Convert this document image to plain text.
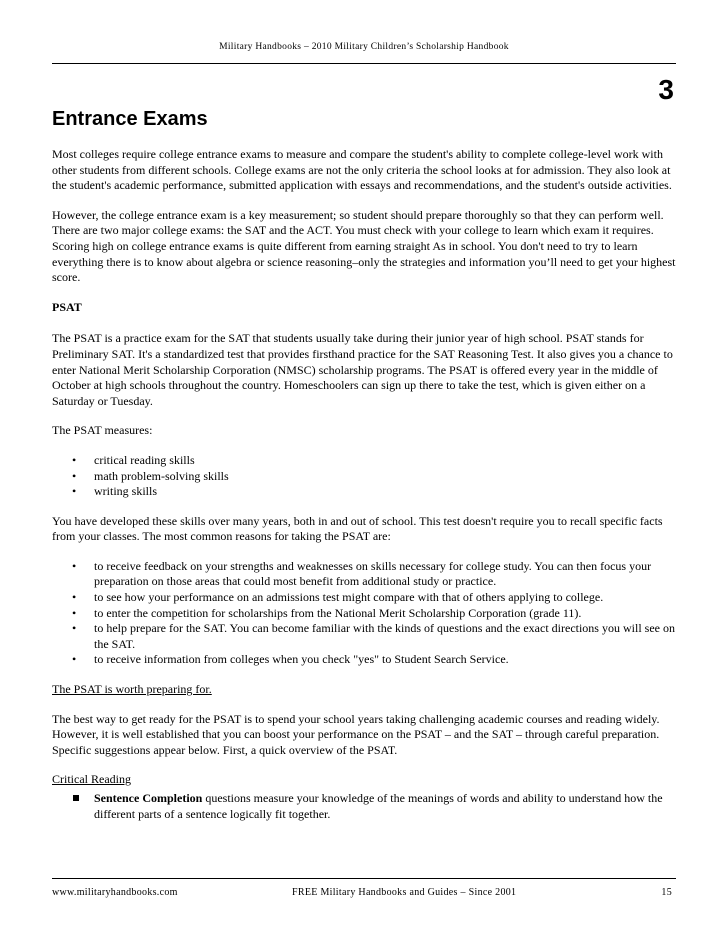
Military Handbooks – 2010 Military Children’s Scholarship Handbook
3
Entrance Exams

Most colleges require college entrance exams to measure and compare the student's ability to complete college-level work with other students from different schools. College exams are not the only criteria the school looks at for admission. They also look at the student's academic performance, submitted application with essays and recommendations, and the student's outside activities.

However, the college entrance exam is a key measurement; so student should prepare thoroughly so that they can perform well. There are two major college exams: the SAT and the ACT. You must check with your college to learn which exam it requires. Scoring high on college entrance exams is quite different from earning straight As in school. You don't need to try to learn everything there is to know about algebra or science reasoning–only the strategies and information you’ll need to get your highest score.

PSAT

The PSAT is a practice exam for the SAT that students usually take during their junior year of high school. PSAT stands for Preliminary SAT. It's a standardized test that provides firsthand practice for the SAT Reasoning Test. It also gives you a chance to enter National Merit Scholarship Corporation (NMSC) scholarship programs. The PSAT is offered every year in the middle of October at high schools throughout the country. Homeschoolers can sign up there to take the test, which is given either on a Saturday or Tuesday.

The PSAT measures:

• critical reading skills
• math problem-solving skills
• writing skills

You have developed these skills over many years, both in and out of school. This test doesn't require you to recall specific facts from your classes. The most common reasons for taking the PSAT are:

• to receive feedback on your strengths and weaknesses on skills necessary for college study. You can then focus your preparation on those areas that could most benefit from additional study or practice.
• to see how your performance on an admissions test might compare with that of others applying to college.
• to enter the competition for scholarships from the National Merit Scholarship Corporation (grade 11).
• to help prepare for the SAT. You can become familiar with the kinds of questions and the exact directions you will see on the SAT.
• to receive information from colleges when you check "yes" to Student Search Service.

The PSAT is worth preparing for.

The best way to get ready for the PSAT is to spend your school years taking challenging academic courses and reading widely. However, it is well established that you can boost your performance on the PSAT – and the SAT – through careful preparation. Specific suggestions appear below. First, a quick overview of the PSAT.

Critical Reading

Sentence Completion questions measure your knowledge of the meanings of words and ability to understand how the different parts of a sentence logically fit together.
www.militaryhandbooks.com	FREE Military Handbooks and Guides – Since 2001	15
